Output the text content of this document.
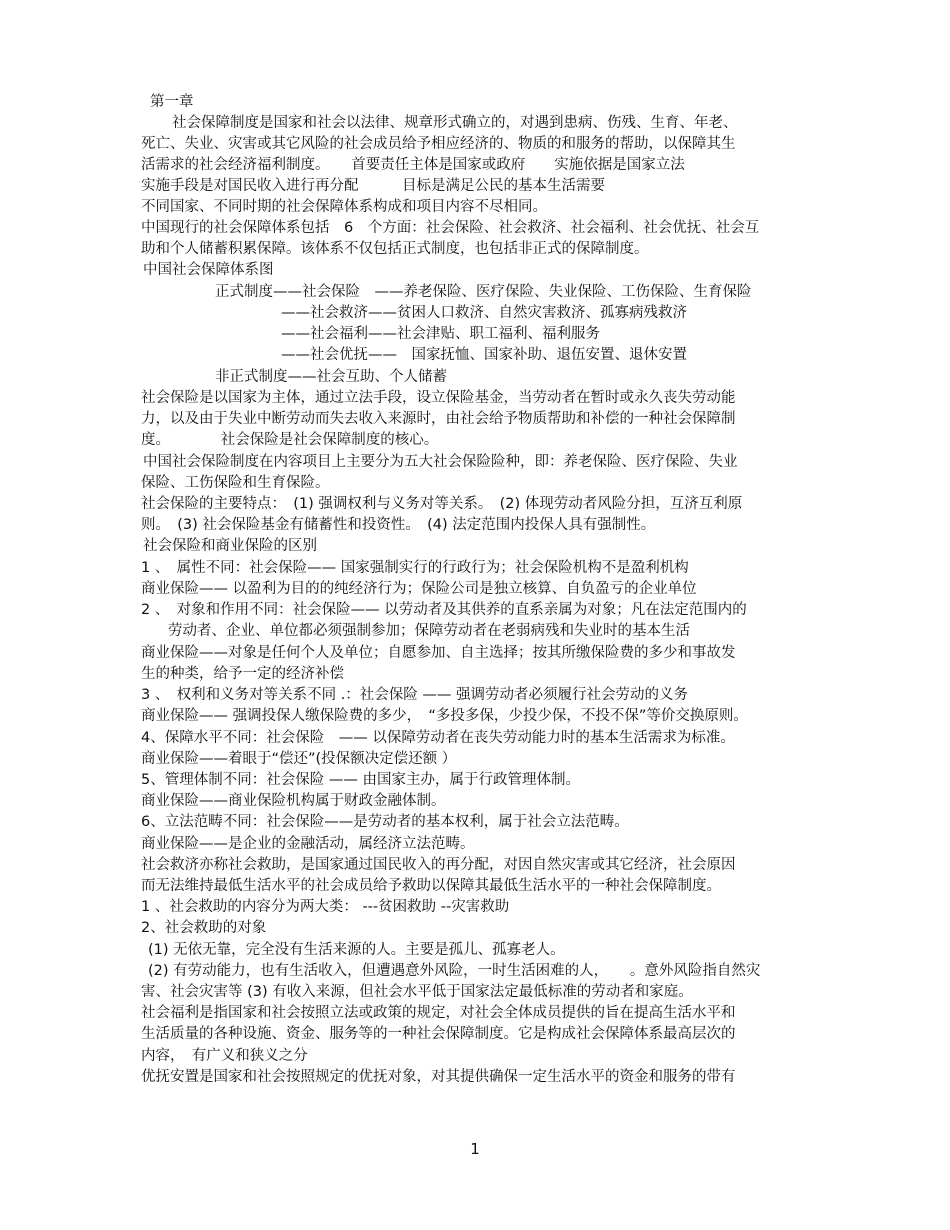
第一章
社会保障制度是国家和社会以法律、规章形式确立的，对遇到患病、伤残、生育、年老、
死亡、失业、灾害或其它风险的社会成员给予相应经济的、物质的和服务的帮助，以保障其生
活需求的社会经济福利制度。　　首要责任主体是国家或政府　　实施依据是国家立法
实施手段是对国民收入进行再分配　　　目标是满足公民的基本生活需要
不同国家、不同时期的社会保障体系构成和项目内容不尽相同。
中国现行的社会保障体系包括　6　个方面：社会保险、社会救济、社会福利、社会优抚、社会互
助和个人储蓄积累保障。该体系不仅包括正式制度，也包括非正式的保障制度。
中国社会保障体系图
正式制度——社会保险　——养老保险、医疗保险、失业保险、工伤保险、生育保险
——社会救济——贫困人口救济、自然灾害救济、孤寡病残救济
——社会福利——社会津贴、职工福利、福利服务
——社会优抚——　国家抚恤、国家补助、退伍安置、退休安置
非正式制度——社会互助、个人储蓄
社会保险是以国家为主体，通过立法手段，设立保险基金，当劳动者在暂时或永久丧失劳动能
力，以及由于失业中断劳动而失去收入来源时，由社会给予物质帮助和补偿的一种社会保障制
度。　　　　社会保险是社会保障制度的核心。
中国社会保险制度在内容项目上主要分为五大社会保险险种，即：养老保险、医疗保险、失业
保险、工伤保险和生育保险。
社会保险的主要特点：　(1) 强调权利与义务对等关系。　(2) 体现劳动者风险分担，互济互利原
则。　(3) 社会保险基金有储蓄性和投资性。　(4) 法定范围内投保人具有强制性。
社会保险和商业保险的区别
1 、　属性不同：社会保险—— 国家强制实行的行政行为；社会保险机构不是盈利机构
商业保险—— 以盈利为目的的纯经济行为；保险公司是独立核算、自负盈亏的企业单位
2 、　对象和作用不同：社会保险—— 以劳动者及其供养的直系亲属为对象；凡在法定范围内的
劳动者、企业、单位都必须强制参加；保障劳动者在老弱病残和失业时的基本生活
商业保险——对象是任何个人及单位；自愿参加、自主选择；按其所缴保险费的多少和事故发
生的种类，给予一定的经济补偿
3 、　权利和义务对等关系不同 .：社会保险 —— 强调劳动者必须履行社会劳动的义务
商业保险—— 强调投保人缴保险费的多少，　“多投多保，少投少保，不投不保”等价交换原则。
4、保障水平不同：社会保险　—— 以保障劳动者在丧失劳动能力时的基本生活需求为标准。
商业保险——着眼于“偿还”(投保额决定偿还额 ）
5、管理体制不同：社会保险 —— 由国家主办，属于行政管理体制。
商业保险——商业保险机构属于财政金融体制。
6、立法范畴不同：社会保险——是劳动者的基本权利，属于社会立法范畴。
商业保险——是企业的金融活动，属经济立法范畴。
社会救济亦称社会救助，是国家通过国民收入的再分配，对因自然灾害或其它经济，社会原因
而无法维持最低生活水平的社会成员给予救助以保障其最低生活水平的一种社会保障制度。
1 、社会救助的内容分为两大类： ---贫困救助 --灾害救助
2、社会救助的对象
(1) 无依无靠，完全没有生活来源的人。主要是孤儿、孤寡老人。
(2) 有劳动能力，也有生活收入，但遭遇意外风险，一时生活困难的人，　　。意外风险指自然灾
害、社会灾害等 (3) 有收入来源，但社会水平低于国家法定最低标准的劳动者和家庭。
社会福利是指国家和社会按照立法或政策的规定，对社会全体成员提供的旨在提高生活水平和
生活质量的各种设施、资金、服务等的一种社会保障制度。它是构成社会保障体系最高层次的
内容，　有广义和狭义之分
优抚安置是国家和社会按照规定的优抚对象，对其提供确保一定生活水平的资金和服务的带有
1
